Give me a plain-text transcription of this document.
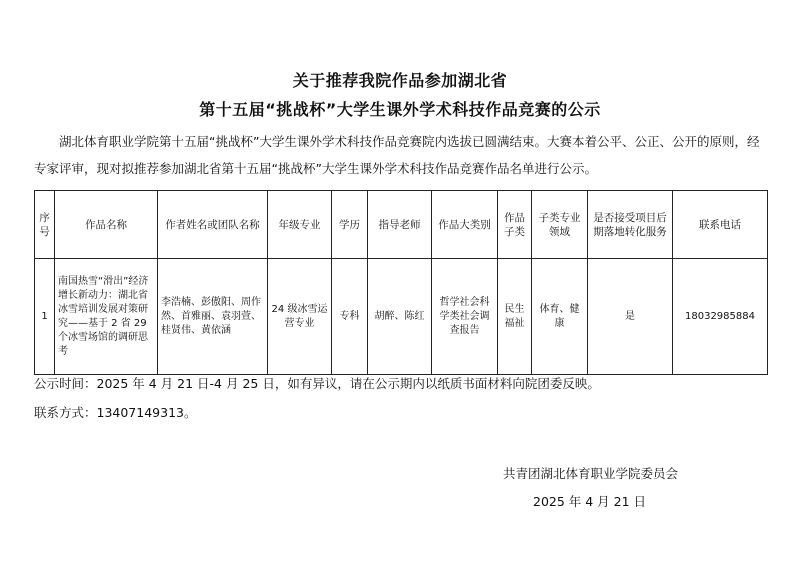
关于推荐我院作品参加湖北省
第十五届“挑战杯”大学生课外学术科技作品竞赛的公示
湖北体育职业学院第十五届“挑战杯”大学生课外学术科技作品竞赛院内选拔已圆满结束。大赛本着公平、公正、公开的原则，经专家评审，现对拟推荐参加湖北省第十五届“挑战杯”大学生课外学术科技作品竞赛作品名单进行公示。
序号	作品名称	作者姓名或团队名称	年级专业	学历	指导老师	作品大类别	作品子类	子类专业领域	是否接受项目后期落地转化服务	联系电话
1	南国热雪“滑出”经济增长新动力：湖北省冰雪培训发展对策研究——基于 2 省 29 个冰雪场馆的调研思考	李浩楠、彭傲阳、周作然、首雅丽、袁羽萱、桂贤伟、黄依涵	24 级冰雪运营专业	专科	胡醉、陈红	哲学社会科学类社会调查报告	民生福祉	体育、健康	是	18032985884
公示时间：2025 年 4 月 21 日-4 月 25 日，如有异议，请在公示期内以纸质书面材料向院团委反映。
联系方式：13407149313。
共青团湖北体育职业学院委员会
2025 年 4 月 21 日
